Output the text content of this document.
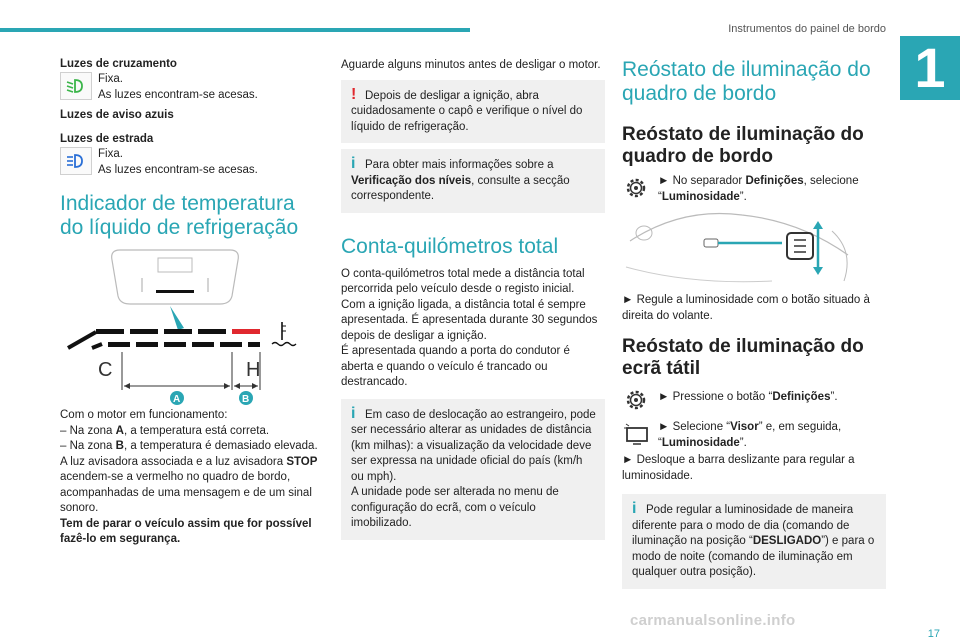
Instrumentos do painel de bordo
1

Luzes de cruzamento

Fixa.

As luzes encontram-se acesas.

Luzes de aviso azuis

Luzes de estrada

Fixa.

As luzes encontram-se acesas.

Indicador de temperatura do líquido de refrigeração
C	H
A	B

Com o motor em funcionamento:

– Na zona A, a temperatura está correta.

– Na zona B, a temperatura é demasiado elevada. A luz avisadora associada e a luz avisadora STOP acendem-se a vermelho no quadro de bordo, acompanhadas de uma mensagem e de um sinal sonoro.

Tem de parar o veículo assim que for possível fazê-lo em segurança.

Aguarde alguns minutos antes de desligar o motor.

! Depois de desligar a ignição, abra cuidadosamente o capô e verifique o nível do líquido de refrigeração.
i Para obter mais informações sobre a Verificação dos níveis, consulte a secção correspondente.
Conta-quilómetros total

O conta-quilómetros total mede a distância total percorrida pelo veículo desde o registo inicial.

Com a ignição ligada, a distância total é sempre apresentada. É apresentada durante 30 segundos depois de desligar a ignição.

É apresentada quando a porta do condutor é aberta e quando o veículo é trancado ou destrancado.

i Em caso de deslocação ao estrangeiro, pode ser necessário alterar as unidades de distância (km milhas): a visualização da velocidade deve ser expressa na unidade oficial do país (km/h ou mph).
A unidade pode ser alterada no menu de configuração do ecrã, com o veículo imobilizado.
Reóstato de iluminação do quadro de bordo
Reóstato de iluminação do quadro de bordo

► No separador Definições, selecione “Luminosidade”.

► Regule a luminosidade com o botão situado à direita do volante.

Reóstato de iluminação do ecrã tátil

► Pressione o botão “Definições”.

► Selecione “Visor” e, em seguida, “Luminosidade”.

► Desloque a barra deslizante para regular a luminosidade.

i Pode regular a luminosidade de maneira diferente para o modo de dia (comando de iluminação na posição “DESLIGADO”) e para o modo de noite (comando de iluminação em qualquer outra posição).
carmanualsonline.info
17
